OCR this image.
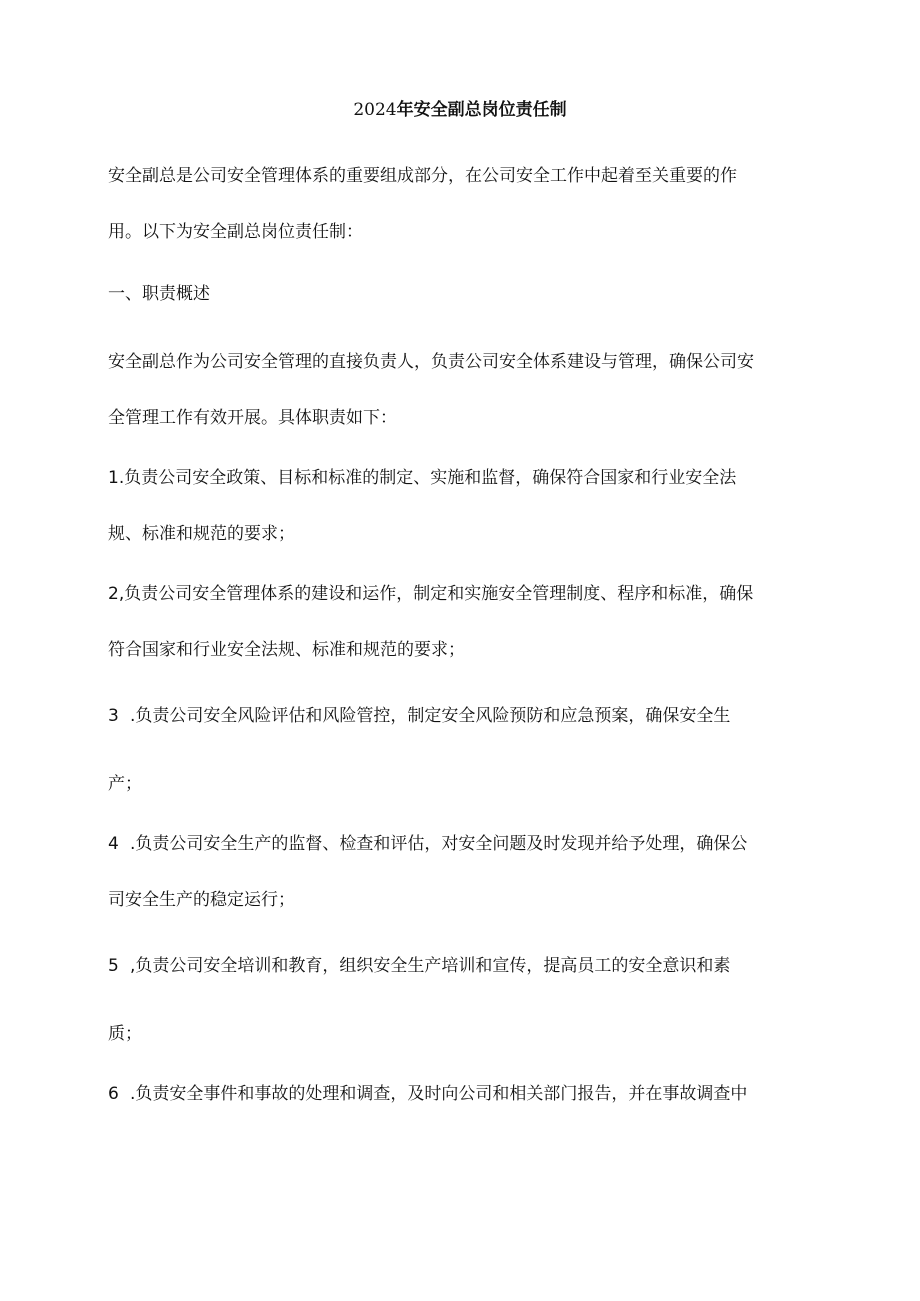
2024年安全副总岗位责任制
安全副总是公司安全管理体系的重要组成部分，在公司安全工作中起着至关重要的作
用。以下为安全副总岗位责任制：
一、职责概述
安全副总作为公司安全管理的直接负责人，负责公司安全体系建设与管理，确保公司安
全管理工作有效开展。具体职责如下：
1.负责公司安全政策、目标和标准的制定、实施和监督，确保符合国家和行业安全法
规、标准和规范的要求；
2,负责公司安全管理体系的建设和运作，制定和实施安全管理制度、程序和标准，确保
符合国家和行业安全法规、标准和规范的要求；
3 .负责公司安全风险评估和风险管控，制定安全风险预防和应急预案，确保安全生
产；
4 .负责公司安全生产的监督、检查和评估，对安全问题及时发现并给予处理，确保公
司安全生产的稳定运行；
5 ,负责公司安全培训和教育，组织安全生产培训和宣传，提高员工的安全意识和素
质；
6 .负责安全事件和事故的处理和调查，及时向公司和相关部门报告，并在事故调查中
